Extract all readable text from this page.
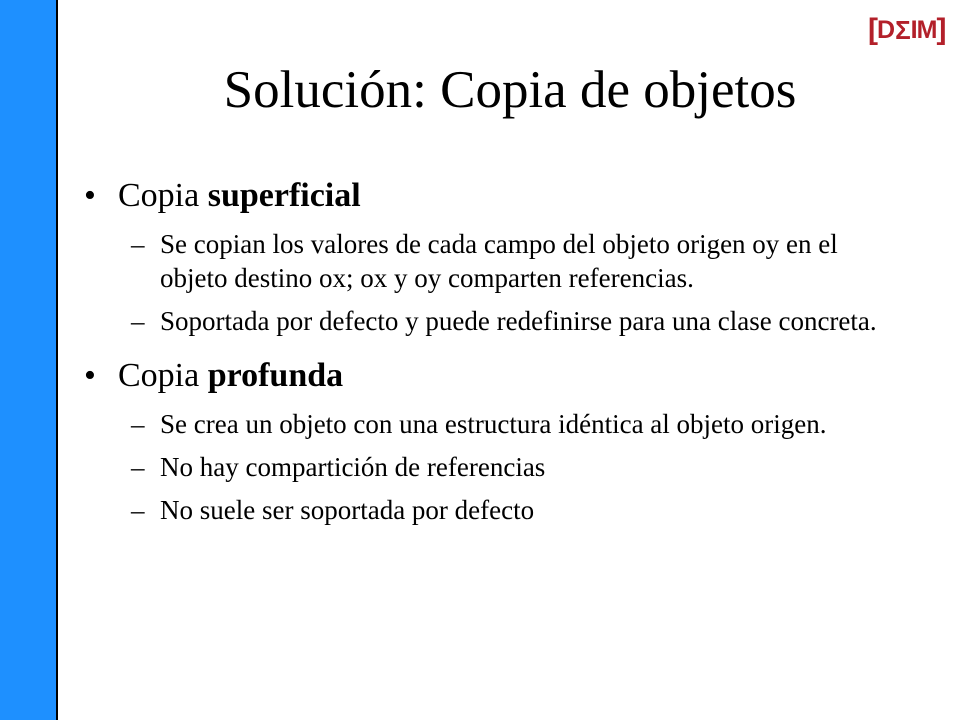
[ D Σ IM ]
Solución: Copia de objetos
• Copia superficial
– Se copian los valores de cada campo del objeto origen oy en el objeto destino ox; ox y oy comparten referencias.
– Soportada por defecto y puede redefinirse para una clase concreta.
• Copia profunda
– Se crea un objeto con una estructura idéntica al objeto origen.
– No hay compartición de referencias
– No suele ser soportada por defecto
